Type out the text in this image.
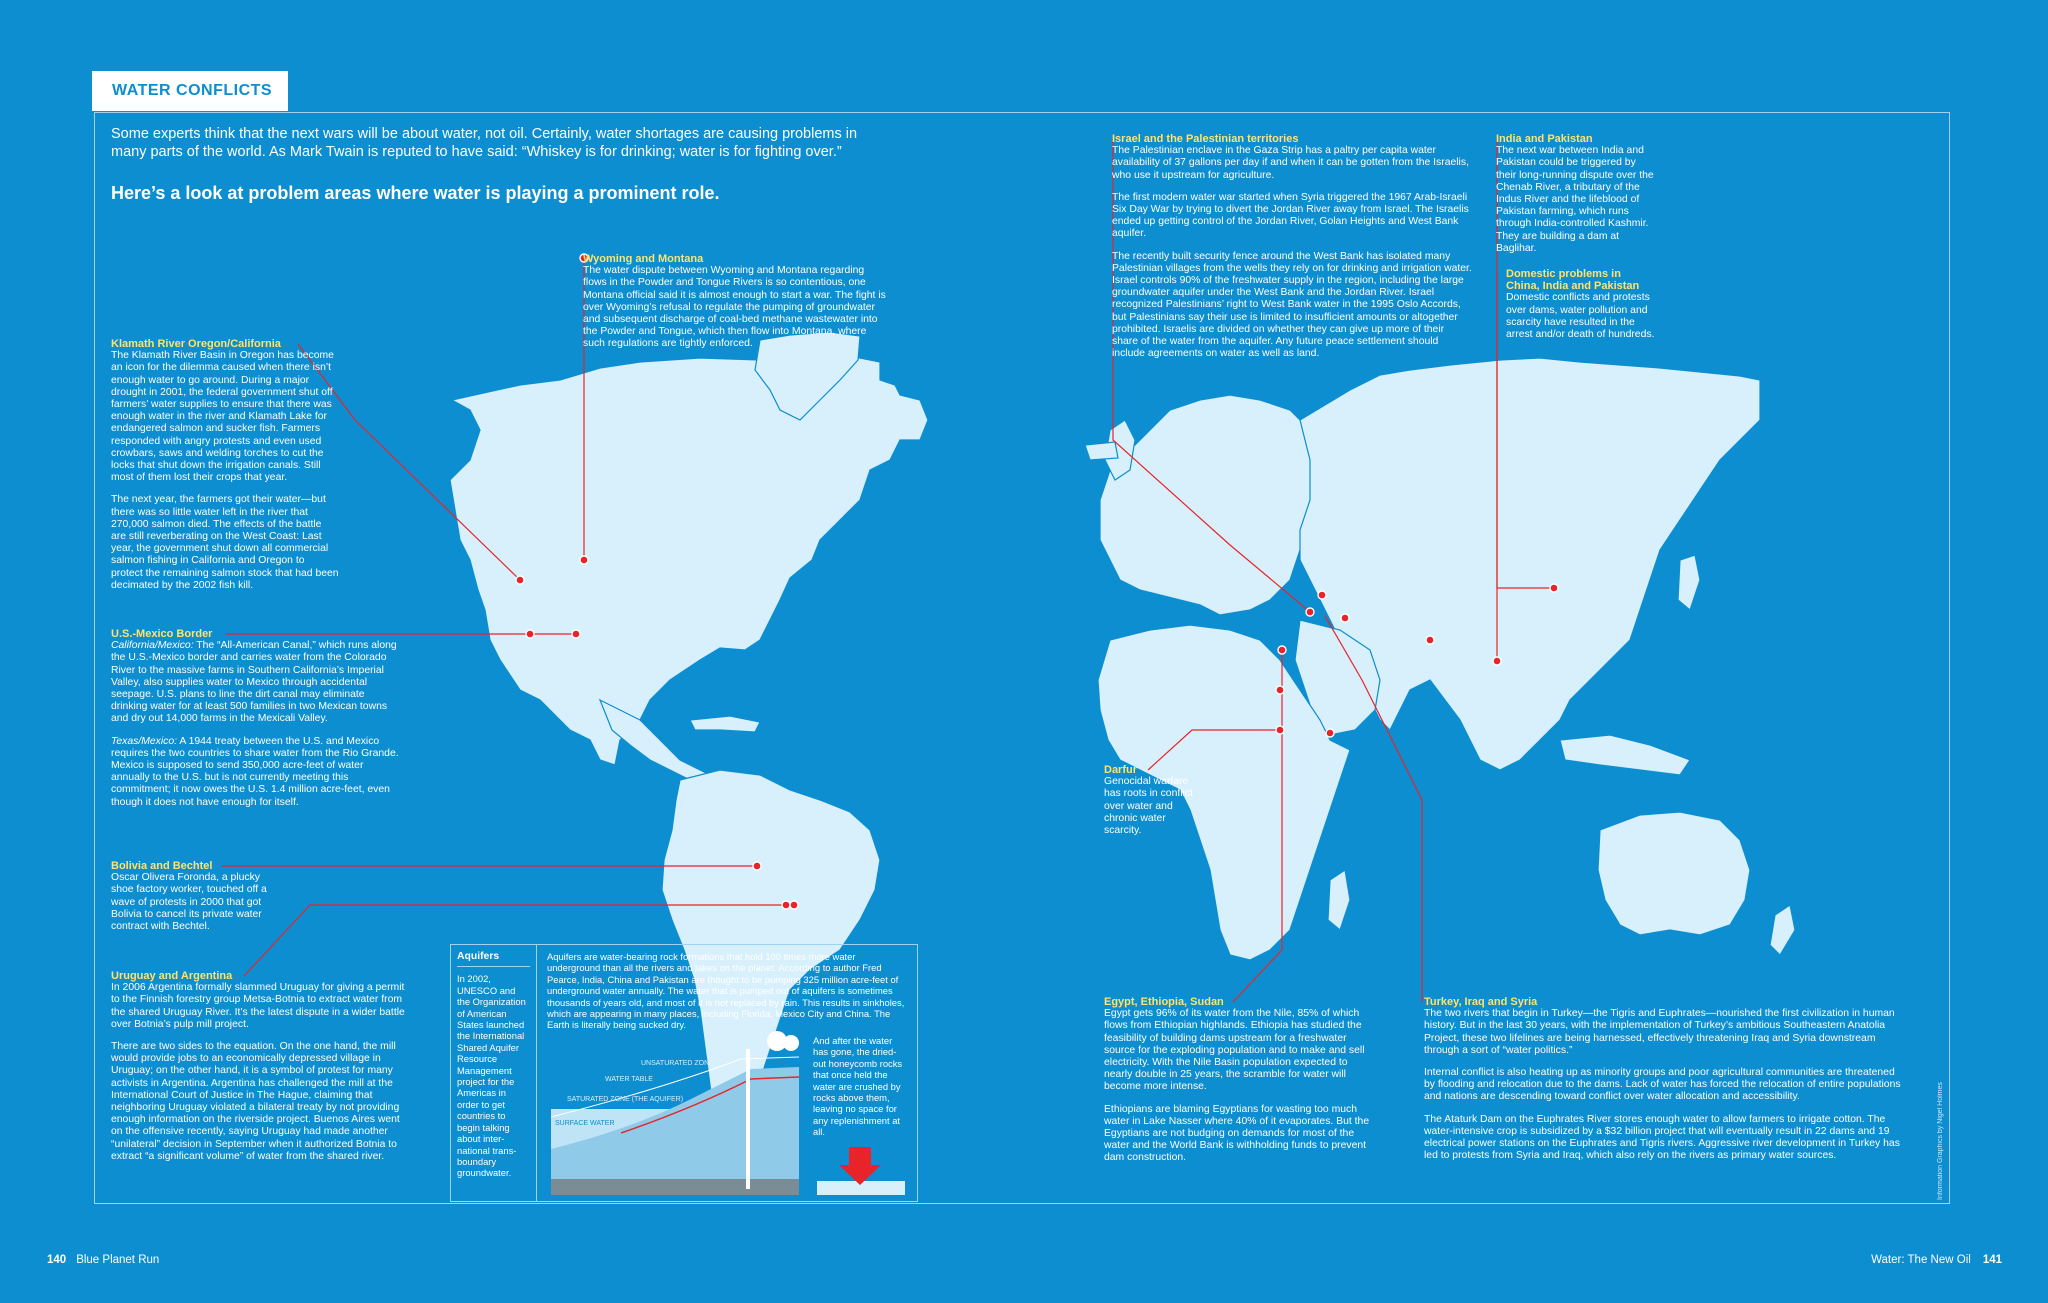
WATER CONFLICTS
Some experts think that the next wars will be about water, not oil. Certainly, water shortages are causing problems in many parts of the world. As Mark Twain is reputed to have said: “Whiskey is for drinking; water is for fighting over.”
Here’s a look at problem areas where water is playing a prominent role.
Wyoming and Montana
The water dispute between Wyoming and Montana regarding flows in the Powder and Tongue Rivers is so contentious, one Montana official said it is almost enough to start a war. The fight is over Wyoming’s refusal to regulate the pumping of groundwater and subsequent discharge of coal-bed methane wastewater into the Powder and Tongue, which then flow into Montana, where such regulations are tightly enforced.
Klamath River Oregon/California

The Klamath River Basin in Oregon has become an icon for the dilemma caused when there isn’t enough water to go around. During a major drought in 2001, the federal government shut off farmers’ water supplies to ensure that there was enough water in the river and Klamath Lake for endangered salmon and sucker fish. Farmers responded with angry protests and even used crowbars, saws and welding torches to cut the locks that shut down the irrigation canals. Still most of them lost their crops that year.

The next year, the farmers got their water—but there was so little water left in the river that 270,000 salmon died. The effects of the battle are still reverberating on the West Coast: Last year, the government shut down all commercial salmon fishing in California and Oregon to protect the remaining salmon stock that had been decimated by the 2002 fish kill.

U.S.-Mexico Border

California/Mexico: The “All-American Canal,” which runs along the U.S.-Mexico border and carries water from the Colorado River to the massive farms in Southern California’s Imperial Valley, also supplies water to Mexico through accidental seepage. U.S. plans to line the dirt canal may eliminate drinking water for at least 500 families in two Mexican towns and dry out 14,000 farms in the Mexicali Valley.

Texas/Mexico: A 1944 treaty between the U.S. and Mexico requires the two countries to share water from the Rio Grande. Mexico is supposed to send 350,000 acre-feet of water annually to the U.S. but is not currently meeting this commitment; it now owes the U.S. 1.4 million acre-feet, even though it does not have enough for itself.

Bolivia and Bechtel
Oscar Olivera Foronda, a plucky shoe factory worker, touched off a wave of protests in 2000 that got Bolivia to cancel its private water contract with Bechtel.
Uruguay and Argentina

In 2006 Argentina formally slammed Uruguay for giving a permit to the Finnish forestry group Metsa-Botnia to extract water from the shared Uruguay River. It’s the latest dispute in a wider battle over Botnia’s pulp mill project.

There are two sides to the equation. On the one hand, the mill would provide jobs to an economically depressed village in Uruguay; on the other hand, it is a symbol of protest for many activists in Argentina. Argentina has challenged the mill at the International Court of Justice in The Hague, claiming that neighboring Uruguay violated a bilateral treaty by not providing enough information on the riverside project. Buenos Aires went on the offensive recently, saying Uruguay had made another “unilateral” decision in September when it authorized Botnia to extract “a significant volume” of water from the shared river.

Israel and the Palestinian territories

The Palestinian enclave in the Gaza Strip has a paltry per capita water availability of 37 gallons per day if and when it can be gotten from the Israelis, who use it upstream for agriculture.

The first modern water war started when Syria triggered the 1967 Arab-Israeli Six Day War by trying to divert the Jordan River away from Israel. The Israelis ended up getting control of the Jordan River, Golan Heights and West Bank aquifer.

The recently built security fence around the West Bank has isolated many Palestinian villages from the wells they rely on for drinking and irrigation water. Israel controls 90% of the freshwater supply in the region, including the large groundwater aquifer under the West Bank and the Jordan River. Israel recognized Palestinians’ right to West Bank water in the 1995 Oslo Accords, but Palestinians say their use is limited to insufficient amounts or altogether prohibited. Israelis are divided on whether they can give up more of their share of the water from the aquifer. Any future peace settlement should include agreements on water as well as land.

India and Pakistan
The next war between India and Pakistan could be triggered by their long-running dispute over the Chenab River, a tributary of the Indus River and the lifeblood of Pakistan farming, which runs through India-controlled Kashmir. They are building a dam at Baglihar.
Domestic problems in China, India and Pakistan
Domestic conflicts and protests over dams, water pollution and scarcity have resulted in the arrest and/or death of hundreds.
Darfur
Genocidal warfare has roots in conflict over water and chronic water scarcity.
Egypt, Ethiopia, Sudan

Egypt gets 96% of its water from the Nile, 85% of which flows from Ethiopian highlands. Ethiopia has studied the feasibility of building dams upstream for a freshwater source for the exploding population and to make and sell electricity. With the Nile Basin population expected to nearly double in 25 years, the scramble for water will become more intense.

Ethiopians are blaming Egyptians for wasting too much water in Lake Nasser where 40% of it evaporates. But the Egyptians are not budging on demands for most of the water and the World Bank is withholding funds to prevent dam construction.

Turkey, Iraq and Syria

The two rivers that begin in Turkey—the Tigris and Euphrates—nourished the first civilization in human history. But in the last 30 years, with the implementation of Turkey’s ambitious Southeastern Anatolia Project, these two lifelines are being harnessed, effectively threatening Iraq and Syria downstream through a sort of “water politics.”

Internal conflict is also heating up as minority groups and poor agricultural communities are threatened by flooding and relocation due to the dams. Lack of water has forced the relocation of entire populations and nations are descending toward conflict over water allocation and accessibility.

The Ataturk Dam on the Euphrates River stores enough water to allow farmers to irrigate cotton. The water-intensive crop is subsidized by a $32 billion project that will eventually result in 22 dams and 19 electrical power stations on the Euphrates and Tigris rivers. Aggressive river development in Turkey has led to protests from Syria and Iraq, which also rely on the rivers as primary water sources.

Aquifers
In 2002, UNESCO and the Organization of American States launched the International Shared Aquifer Resource Management project for the Americas in order to get countries to begin talking about inter-national trans-boundary groundwater.
Aquifers are water-bearing rock formations that hold 100 times more water underground than all the rivers and lakes on the planet. According to author Fred Pearce, India, China and Pakistan are thought to be pumping 325 million acre-feet of underground water annually. The water that is pumped out of aquifers is sometimes thousands of years old, and most of it is not replaced by rain. This results in sinkholes, which are appearing in many places, including Florida, Mexico City and China. The Earth is literally being sucked dry.
UNSATURATED ZONE
WATER TABLE
PUMP
SATURATED ZONE (THE AQUIFER)
SURFACE WATER
And after the water has gone, the dried-out honeycomb rocks that once held the water are crushed by rocks above them, leaving no space for any replenishment at all.
140 Blue Planet Run	Water: The New Oil 141
Information Graphics by Nigel Holmes
